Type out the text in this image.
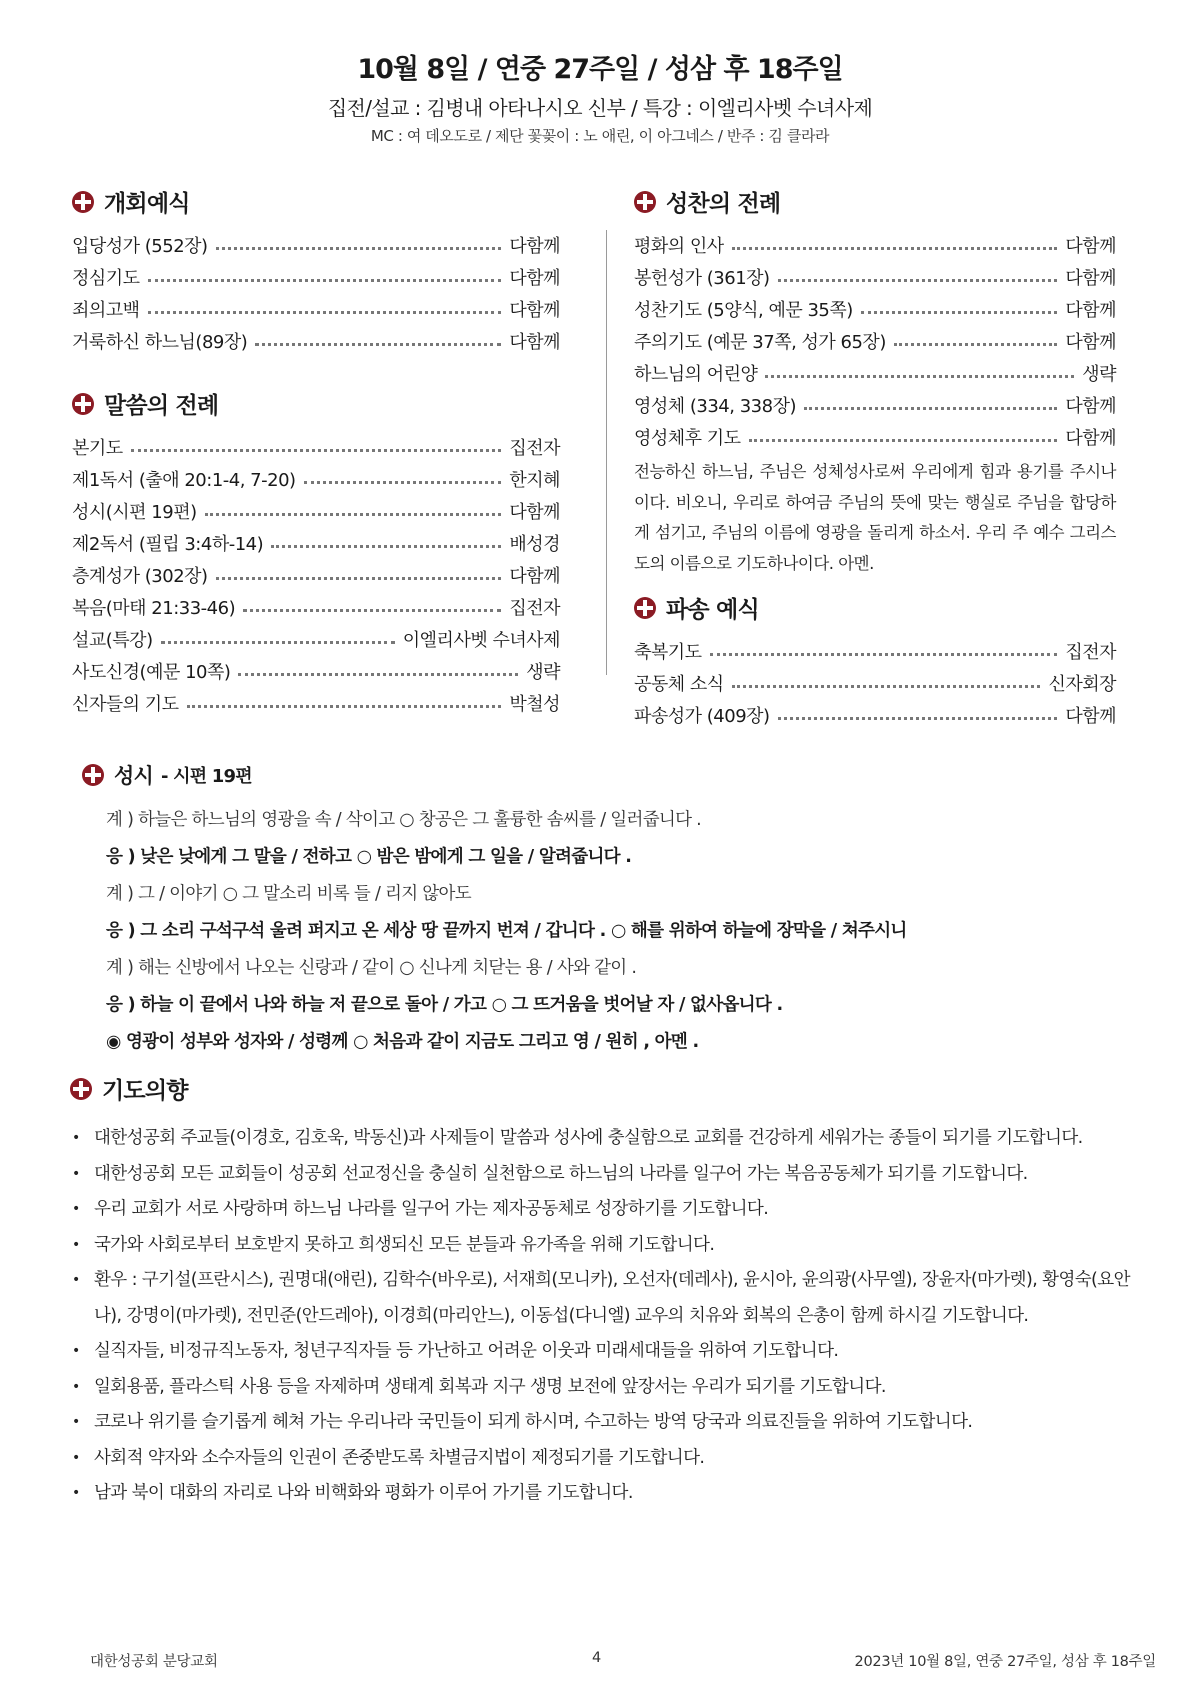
10월 8일 / 연중 27주일 / 성삼 후 18주일
집전/설교 : 김병내 아타나시오 신부 / 특강 : 이엘리사벳 수녀사제
MC : 여 데오도로 / 제단 꽃꽂이 : 노 애린, 이 아그네스 / 반주 : 김 클라라
개회예식
입당성가 (552장)	다함께
정심기도	다함께
죄의고백	다함께
거룩하신 하느님(89장)	다함께
말씀의 전례
본기도	집전자
제1독서 (출애 20:1-4, 7-20)	한지혜
성시(시편 19편)	다함께
제2독서 (필립 3:4하-14)	배성경
층계성가 (302장)	다함께
복음(마태 21:33-46)	집전자
설교(특강)	이엘리사벳 수녀사제
사도신경(예문 10쪽)	생략
신자들의 기도	박철성
성찬의 전례
평화의 인사	다함께
봉헌성가 (361장)	다함께
성찬기도 (5양식, 예문 35쪽)	다함께
주의기도 (예문 37쪽, 성가 65장)	다함께
하느님의 어린양	생략
영성체 (334, 338장)	다함께
영성체후 기도	다함께
전능하신 하느님, 주님은 성체성사로써 우리에게 힘과 용기를 주시나이다. 비오니, 우리로 하여금 주님의 뜻에 맞는 행실로 주님을 합당하게 섬기고, 주님의 이름에 영광을 돌리게 하소서. 우리 주 예수 그리스도의 이름으로 기도하나이다. 아멘.
파송 예식
축복기도	집전자
공동체 소식	신자회장
파송성가 (409장)	다함께
성시 - 시편 19편
계 ) 하늘은 하느님의 영광을 속 / 삭이고 ○ 창공은 그 훌륭한 솜씨를 / 일러줍니다 .
응 ) 낮은 낮에게 그 말을 / 전하고 ○ 밤은 밤에게 그 일을 / 알려줍니다 .
계 ) 그 / 이야기 ○ 그 말소리 비록 들 / 리지 않아도
응 ) 그 소리 구석구석 울려 퍼지고 온 세상 땅 끝까지 번져 / 갑니다 . ○ 해를 위하여 하늘에 장막을 / 쳐주시니
계 ) 해는 신방에서 나오는 신랑과 / 같이 ○ 신나게 치닫는 용 / 사와 같이 .
응 ) 하늘 이 끝에서 나와 하늘 저 끝으로 돌아 / 가고 ○ 그 뜨거움을 벗어날 자 / 없사옵니다 .
◉ 영광이 성부와 성자와 / 성령께 ○ 처음과 같이 지금도 그리고 영 / 원히 , 아멘 .
기도의향
• 대한성공회 주교들(이경호, 김호욱, 박동신)과 사제들이 말씀과 성사에 충실함으로 교회를 건강하게 세워가는 종들이 되기를 기도합니다.
• 대한성공회 모든 교회들이 성공회 선교정신을 충실히 실천함으로 하느님의 나라를 일구어 가는 복음공동체가 되기를 기도합니다.
• 우리 교회가 서로 사랑하며 하느님 나라를 일구어 가는 제자공동체로 성장하기를 기도합니다.
• 국가와 사회로부터 보호받지 못하고 희생되신 모든 분들과 유가족을 위해 기도합니다.
• 환우 : 구기설(프란시스), 권명대(애린), 김학수(바우로), 서재희(모니카), 오선자(데레사), 윤시아, 윤의광(사무엘), 장윤자(마가렛), 황영숙(요안나), 강명이(마가렛), 전민준(안드레아), 이경희(마리안느), 이동섭(다니엘) 교우의 치유와 회복의 은총이 함께 하시길 기도합니다.
• 실직자들, 비정규직노동자, 청년구직자들 등 가난하고 어려운 이웃과 미래세대들을 위하여 기도합니다.
• 일회용품, 플라스틱 사용 등을 자제하며 생태계 회복과 지구 생명 보전에 앞장서는 우리가 되기를 기도합니다.
• 코로나 위기를 슬기롭게 헤쳐 가는 우리나라 국민들이 되게 하시며, 수고하는 방역 당국과 의료진들을 위하여 기도합니다.
• 사회적 약자와 소수자들의 인권이 존중받도록 차별금지법이 제정되기를 기도합니다.
• 남과 북이 대화의 자리로 나와 비핵화와 평화가 이루어 가기를 기도합니다.
대한성공회 분당교회	4	2023년 10월 8일, 연중 27주일, 성삼 후 18주일
